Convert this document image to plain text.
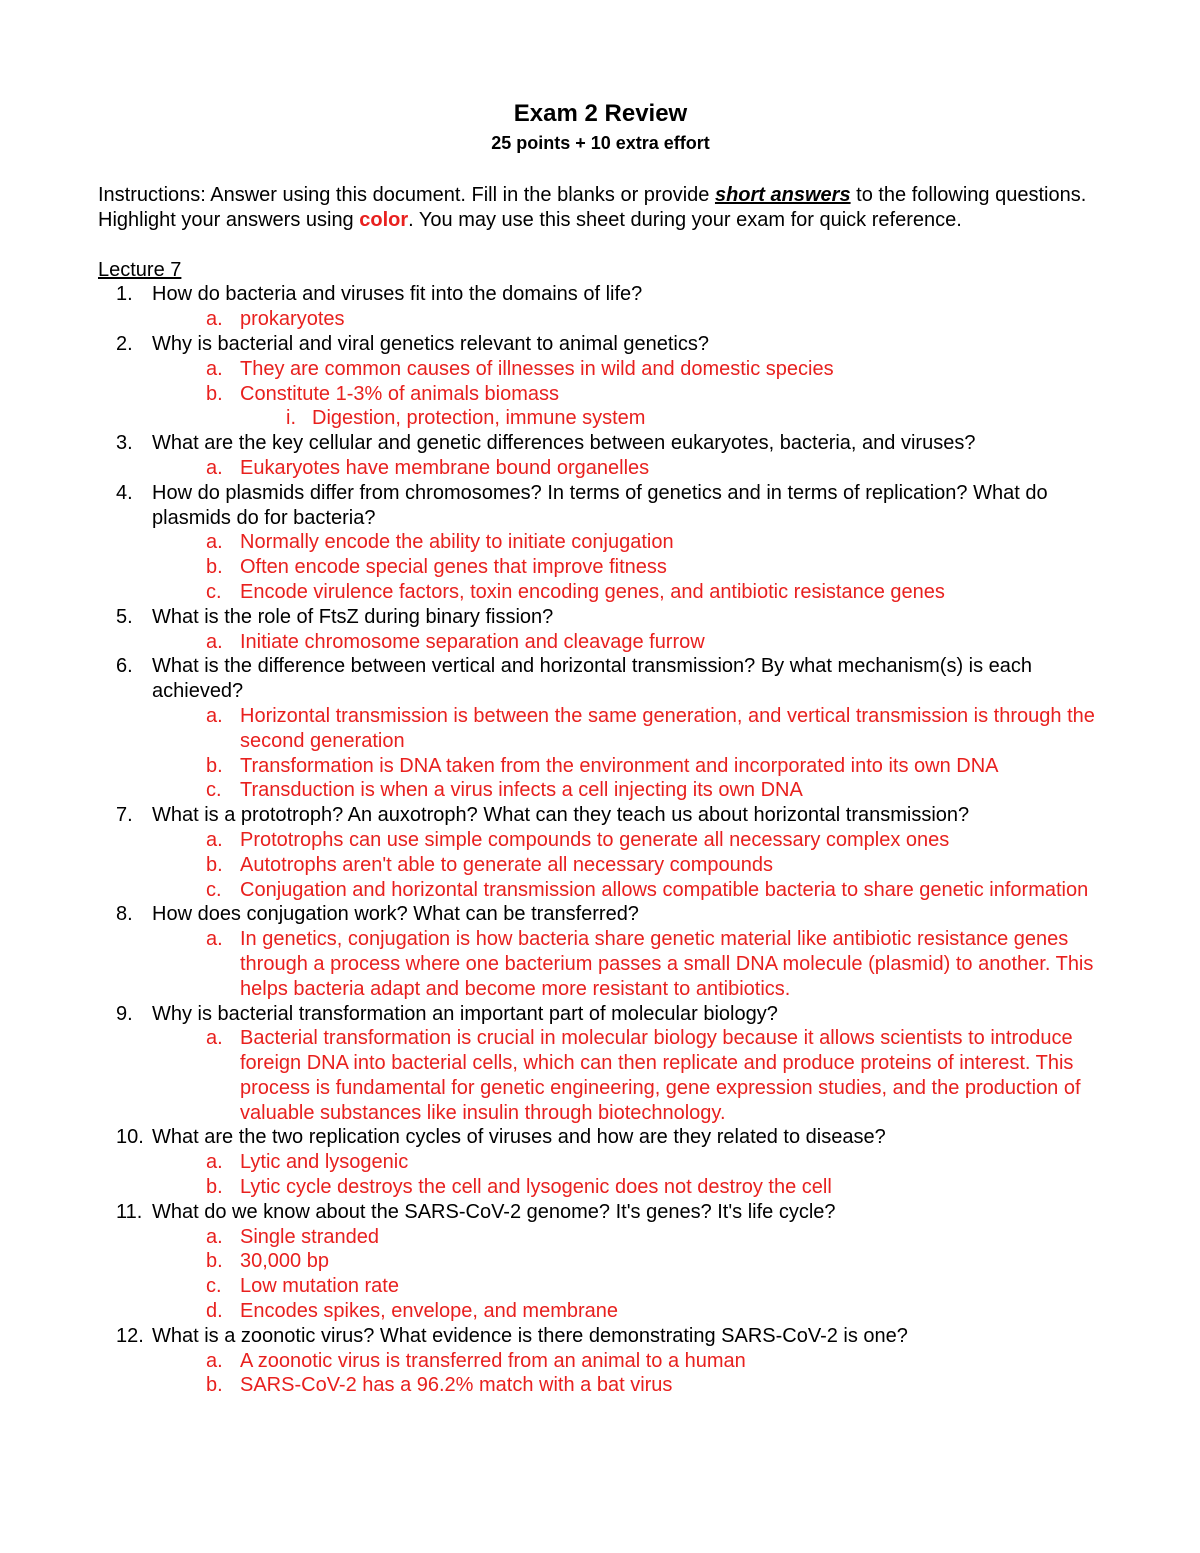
Exam 2 Review
25 points + 10 extra effort
Instructions: Answer using this document. Fill in the blanks or provide short answers to the following questions. Highlight your answers using color. You may use this sheet during your exam for quick reference.
Lecture 7
1. How do bacteria and viruses fit into the domains of life?
a. prokaryotes
2. Why is bacterial and viral genetics relevant to animal genetics?
a. They are common causes of illnesses in wild and domestic species
b. Constitute 1-3% of animals biomass
i. Digestion, protection, immune system
3. What are the key cellular and genetic differences between eukaryotes, bacteria, and viruses?
a. Eukaryotes have membrane bound organelles
4. How do plasmids differ from chromosomes? In terms of genetics and in terms of replication? What do plasmids do for bacteria?
a. Normally encode the ability to initiate conjugation
b. Often encode special genes that improve fitness
c. Encode virulence factors, toxin encoding genes, and antibiotic resistance genes
5. What is the role of FtsZ during binary fission?
a. Initiate chromosome separation and cleavage furrow
6. What is the difference between vertical and horizontal transmission? By what mechanism(s) is each achieved?
a. Horizontal transmission is between the same generation, and vertical transmission is through the second generation
b. Transformation is DNA taken from the environment and incorporated into its own DNA
c. Transduction is when a virus infects a cell injecting its own DNA
7. What is a prototroph? An auxotroph? What can they teach us about horizontal transmission?
a. Prototrophs can use simple compounds to generate all necessary complex ones
b. Autotrophs aren't able to generate all necessary compounds
c. Conjugation and horizontal transmission allows compatible bacteria to share genetic information
8. How does conjugation work? What can be transferred?
a. In genetics, conjugation is how bacteria share genetic material like antibiotic resistance genes through a process where one bacterium passes a small DNA molecule (plasmid) to another. This helps bacteria adapt and become more resistant to antibiotics.
9. Why is bacterial transformation an important part of molecular biology?
a. Bacterial transformation is crucial in molecular biology because it allows scientists to introduce foreign DNA into bacterial cells, which can then replicate and produce proteins of interest. This process is fundamental for genetic engineering, gene expression studies, and the production of valuable substances like insulin through biotechnology.
10. What are the two replication cycles of viruses and how are they related to disease?
a. Lytic and lysogenic
b. Lytic cycle destroys the cell and lysogenic does not destroy the cell
11. What do we know about the SARS-CoV-2 genome? It's genes? It's life cycle?
a. Single stranded
b. 30,000 bp
c. Low mutation rate
d. Encodes spikes, envelope, and membrane
12. What is a zoonotic virus? What evidence is there demonstrating SARS-CoV-2 is one?
a. A zoonotic virus is transferred from an animal to a human
b. SARS-CoV-2 has a 96.2% match with a bat virus
